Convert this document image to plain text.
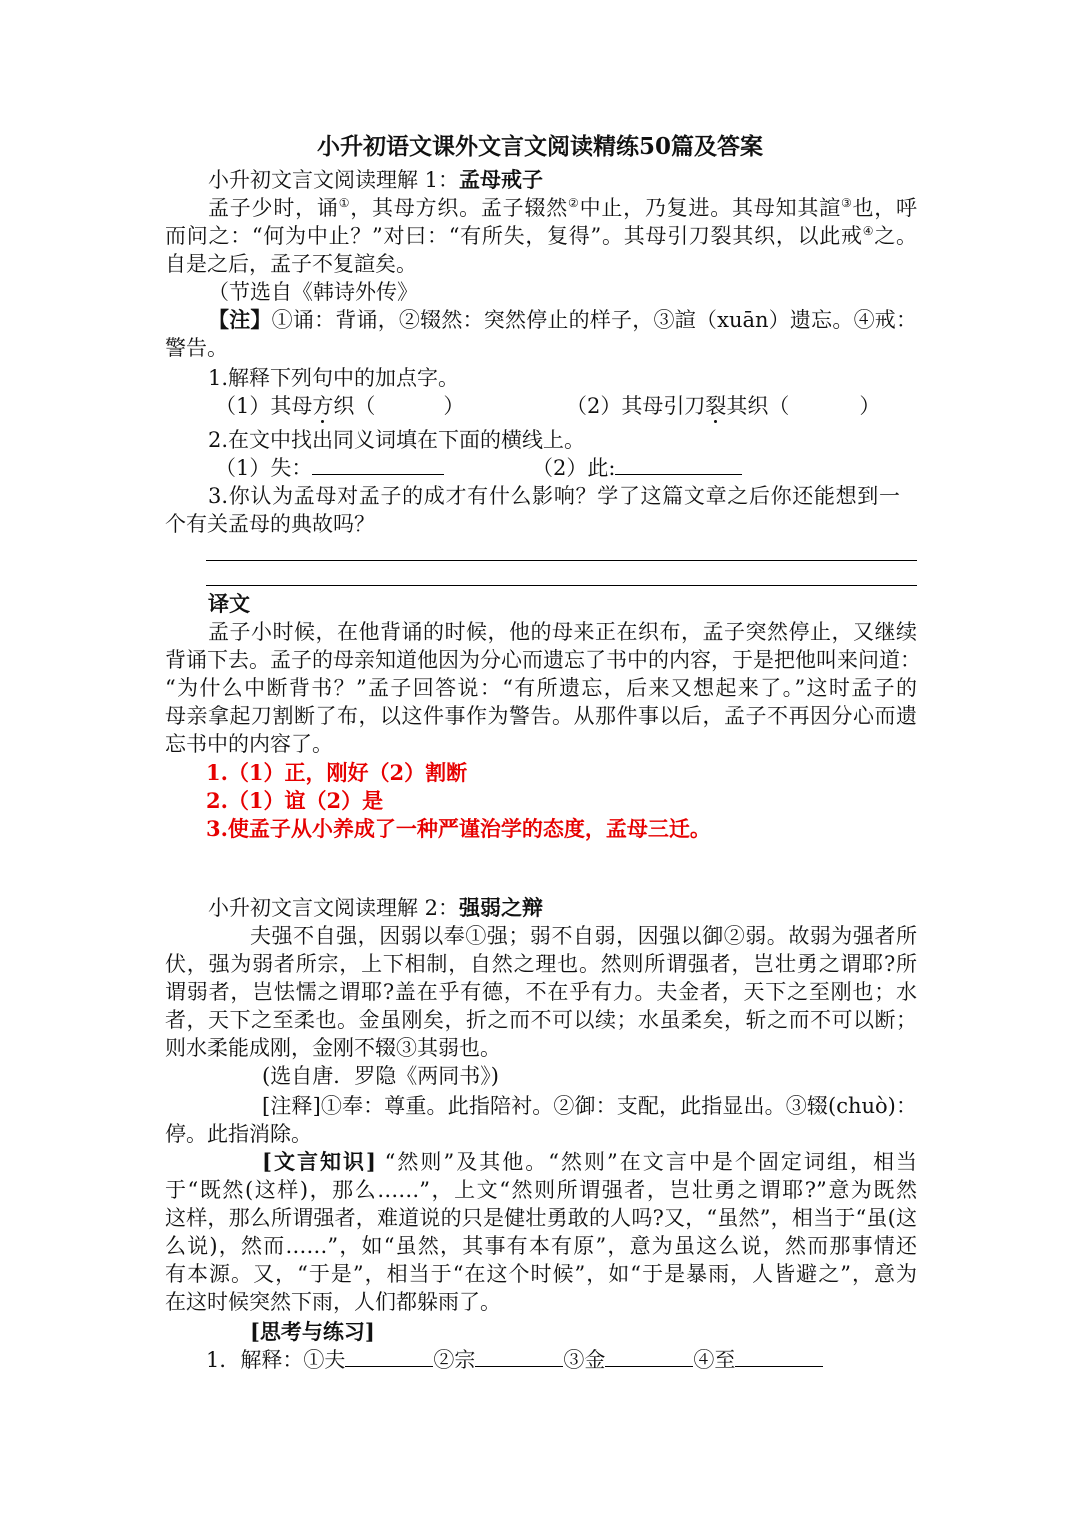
小升初语文课外文言文阅读精练50篇及答案
小升初文言文阅读理解 1：孟母戒子
孟子少时，诵①，其母方织。孟子辍然②中止，乃复进。其母知其諠③也，呼
而问之：“何为中止？”对曰：“有所失，复得”。其母引刀裂其织，以此戒④之。
自是之后，孟子不复諠矣。
（节选自《韩诗外传》
【注】①诵：背诵，②辍然：突然停止的样子，③諠（xuān）遗忘。④戒：
警告。
1.解释下列句中的加点字。
（1）其母方织（	）	（2）其母引刀裂其织（	）
2.在文中找出同义词填在下面的横线上。
（1）失：	（2）此:
3.你认为孟母对孟子的成才有什么影响？学了这篇文章之后你还能想到一
个有关孟母的典故吗？
译文
孟子小时候，在他背诵的时候，他的母来正在织布，孟子突然停止，又继续
背诵下去。孟子的母亲知道他因为分心而遗忘了书中的内容，于是把他叫来问道：
“为什么中断背书？”孟子回答说：“有所遗忘，后来又想起来了。”这时孟子的
母亲拿起刀割断了布，以这件事作为警告。从那件事以后，孟子不再因分心而遗
忘书中的内容了。
1.（1）正，刚好（2）割断
2.（1）谊（2）是
3.使孟子从小养成了一种严谨治学的态度，孟母三迁。
小升初文言文阅读理解 2：强弱之辩
夫强不自强，因弱以奉①强；弱不自弱，因强以御②弱。故弱为强者所
伏，强为弱者所宗，上下相制，自然之理也。然则所谓强者，岂壮勇之谓耶?所
谓弱者，岂怯懦之谓耶?盖在乎有德，不在乎有力。夫金者，天下之至刚也；水
者，天下之至柔也。金虽刚矣，折之而不可以续；水虽柔矣，斩之而不可以断；
则水柔能成刚，金刚不辍③其弱也。
(选自唐．罗隐《两同书》)
[注释]①奉：尊重。此指陪衬。②御：支配，此指显出。③辍(chuò)：
停。此指消除。
[文言知识] “然则”及其他。“然则”在文言中是个固定词组，相当
于“既然(这样)，那么……”，上文“然则所谓强者，岂壮勇之谓耶?”意为既然
这样，那么所谓强者，难道说的只是健壮勇敢的人吗?又，“虽然”，相当于“虽(这
么说)，然而……”，如“虽然，其事有本有原”，意为虽这么说，然而那事情还
有本源。又，“于是”，相当于“在这个时候”，如“于是暴雨，人皆避之”，意为
在这时候突然下雨，人们都躲雨了。
[思考与练习]
1．解释：①夫	②宗	③金	④至
